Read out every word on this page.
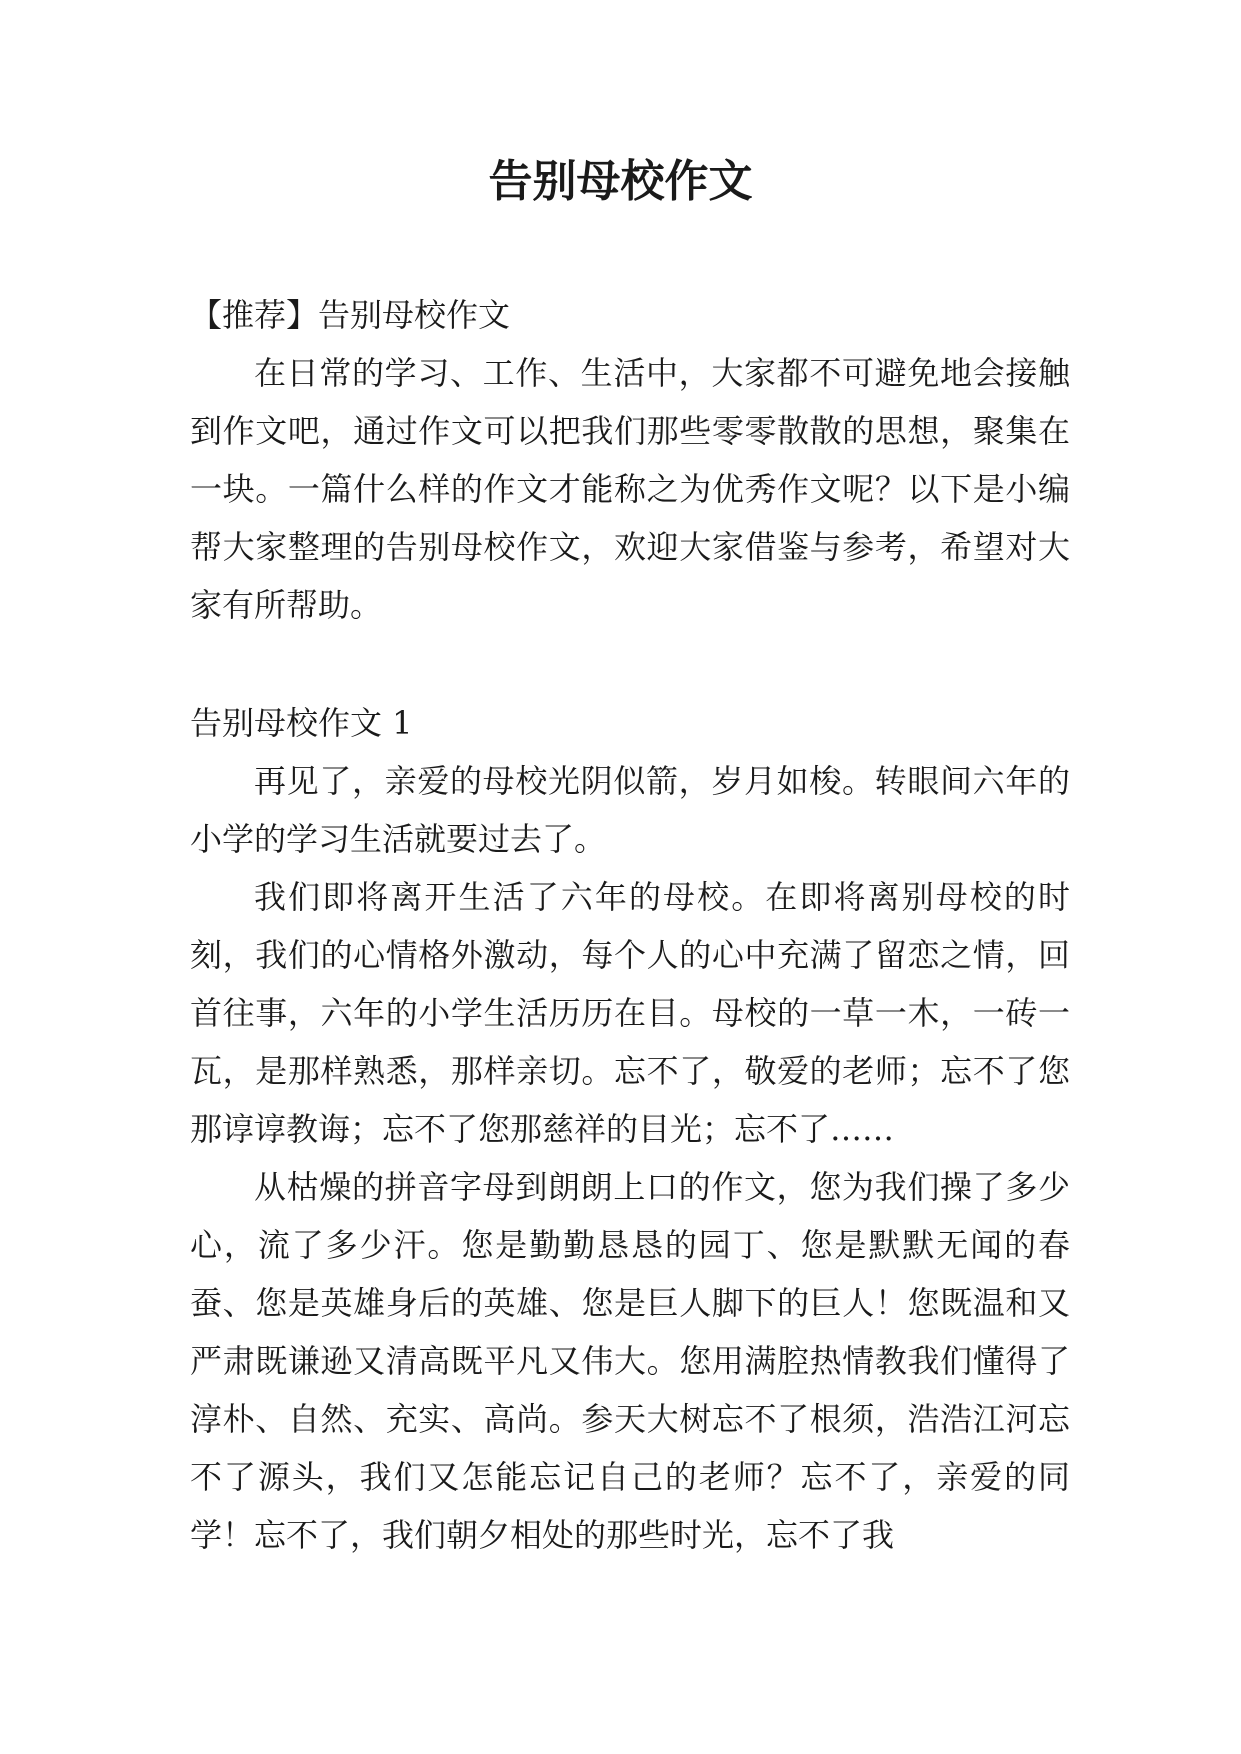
告别母校作文

【推荐】告别母校作文

在日常的学习、工作、生活中，大家都不可避免地会接触到作文吧，通过作文可以把我们那些零零散散的思想，聚集在一块。一篇什么样的作文才能称之为优秀作文呢？以下是小编帮大家整理的告别母校作文，欢迎大家借鉴与参考，希望对大家有所帮助。

告别母校作文 1

再见了，亲爱的母校光阴似箭，岁月如梭。转眼间六年的小学的学习生活就要过去了。

我们即将离开生活了六年的母校。在即将离别母校的时刻，我们的心情格外激动，每个人的心中充满了留恋之情，回首往事，六年的小学生活历历在目。母校的一草一木，一砖一瓦，是那样熟悉，那样亲切。忘不了，敬爱的老师；忘不了您那谆谆教诲；忘不了您那慈祥的目光；忘不了……

从枯燥的拼音字母到朗朗上口的作文，您为我们操了多少心，流了多少汗。您是勤勤恳恳的园丁、您是默默无闻的春蚕、您是英雄身后的英雄、您是巨人脚下的巨人！您既温和又严肃既谦逊又清高既平凡又伟大。您用满腔热情教我们懂得了淳朴、自然、充实、高尚。参天大树忘不了根须，浩浩江河忘不了源头，我们又怎能忘记自己的老师？忘不了，亲爱的同学！忘不了，我们朝夕相处的那些时光，忘不了我
